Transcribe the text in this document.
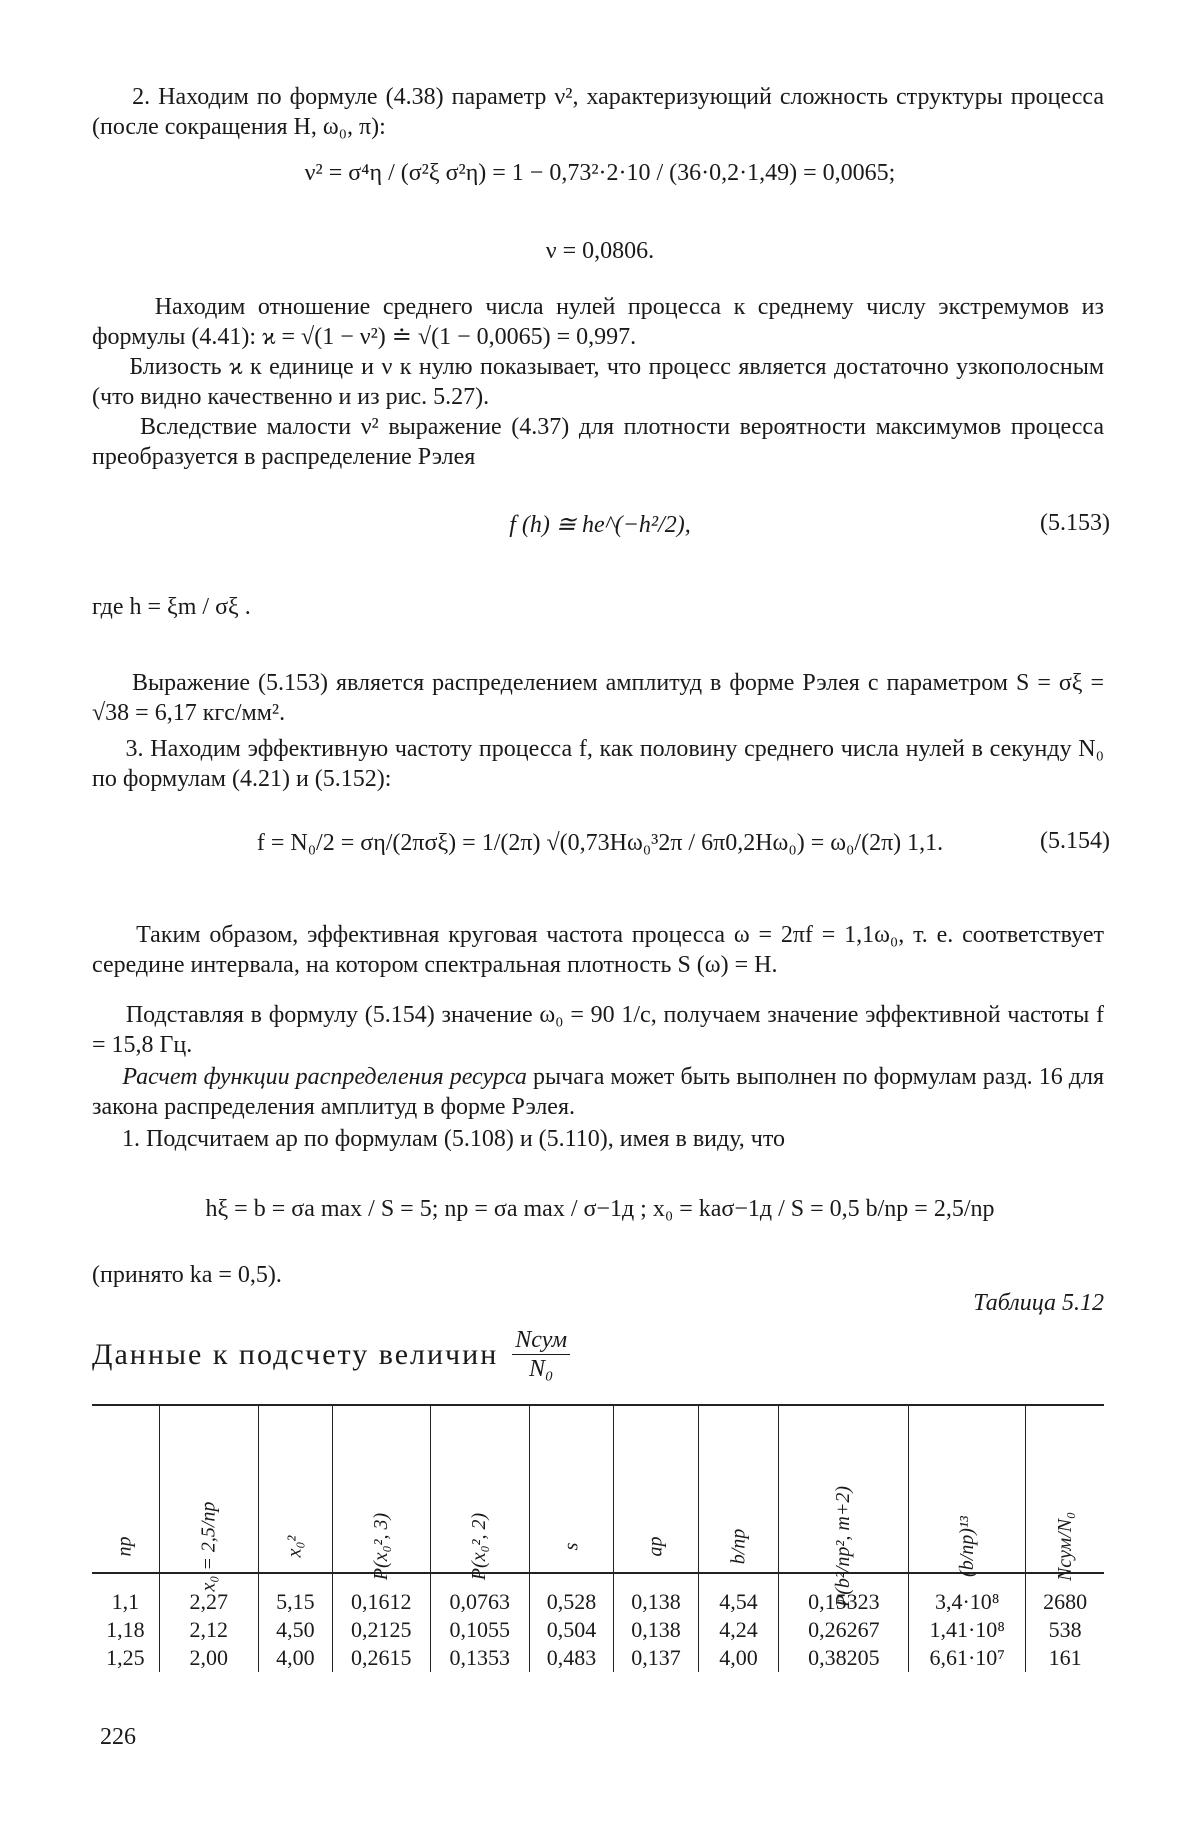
2. Находим по формуле (4.38) параметр ν², характеризующий сложность структуры процесса (после сокращения H, ω₀, π):

ν² = σ⁴η / (σ²ξ σ²η) = 1 − 0,73²·2·10 / (36·0,2·1,49) = 0,0065;
ν = 0,0806.

Находим отношение среднего числа нулей процесса к среднему числу экстремумов из формулы (4.41): ϰ = √(1 − ν²) ≐ √(1 − 0,0065) = 0,997.

Близость ϰ к единице и ν к нулю показывает, что процесс является достаточно узкополосным (что видно качественно и из рис. 5.27).

Вследствие малости ν² выражение (4.37) для плотности вероятности максимумов процесса преобразуется в распределение Рэлея

f (h) ≅ he^(−h²/2),	(5.153)
где h = ξm / σξ .

Выражение (5.153) является распределением амплитуд в форме Рэлея с параметром S = σξ = √38 = 6,17 кгс/мм².

3. Находим эффективную частоту процесса f, как половину среднего числа нулей в секунду N₀ по формулам (4.21) и (5.152):

f = N₀/2 = ση/(2πσξ) = 1/(2π) √(0,73Hω₀³2π / 6π0,2Hω₀) = ω₀/(2π) 1,1.	(5.154)

Таким образом, эффективная круговая частота процесса ω = 2πf = 1,1ω₀, т. е. соответствует середине интервала, на котором спектральная плотность S (ω) = H.

Подставляя в формулу (5.154) значение ω₀ = 90 1/с, получаем значение эффективной частоты f = 15,8 Гц.

Расчет функции распределения ресурса рычага может быть выполнен по формулам разд. 16 для закона распределения амплитуд в форме Рэлея.

1. Подсчитаем aр по формулам (5.108) и (5.110), имея в виду, что

hξ = b = σa max / S = 5; nр = σa max / σ−1д ; x₀ = kaσ−1д / S = 0,5 b/nр = 2,5/nр

(принято ka = 0,5).

Таблица 5.12
Данные к подсчету величин $\frac{\text{Nсум}}{\text{N₀}}$
nр	x₀ = 2,5/nр	x₀²	P(x₀², 3)	P(x₀², 2)	s	aр	b/nр	P(b²/nр², m+2)	(b/nр)¹³	Nсум/N₀
1,1	2,27	5,15	0,1612	0,0763	0,528	0,138	4,54	0,15323	3,4·10⁸	2680
1,18	2,12	4,50	0,2125	0,1055	0,504	0,138	4,24	0,26267	1,41·10⁸	538
1,25	2,00	4,00	0,2615	0,1353	0,483	0,137	4,00	0,38205	6,61·10⁷	161
226
